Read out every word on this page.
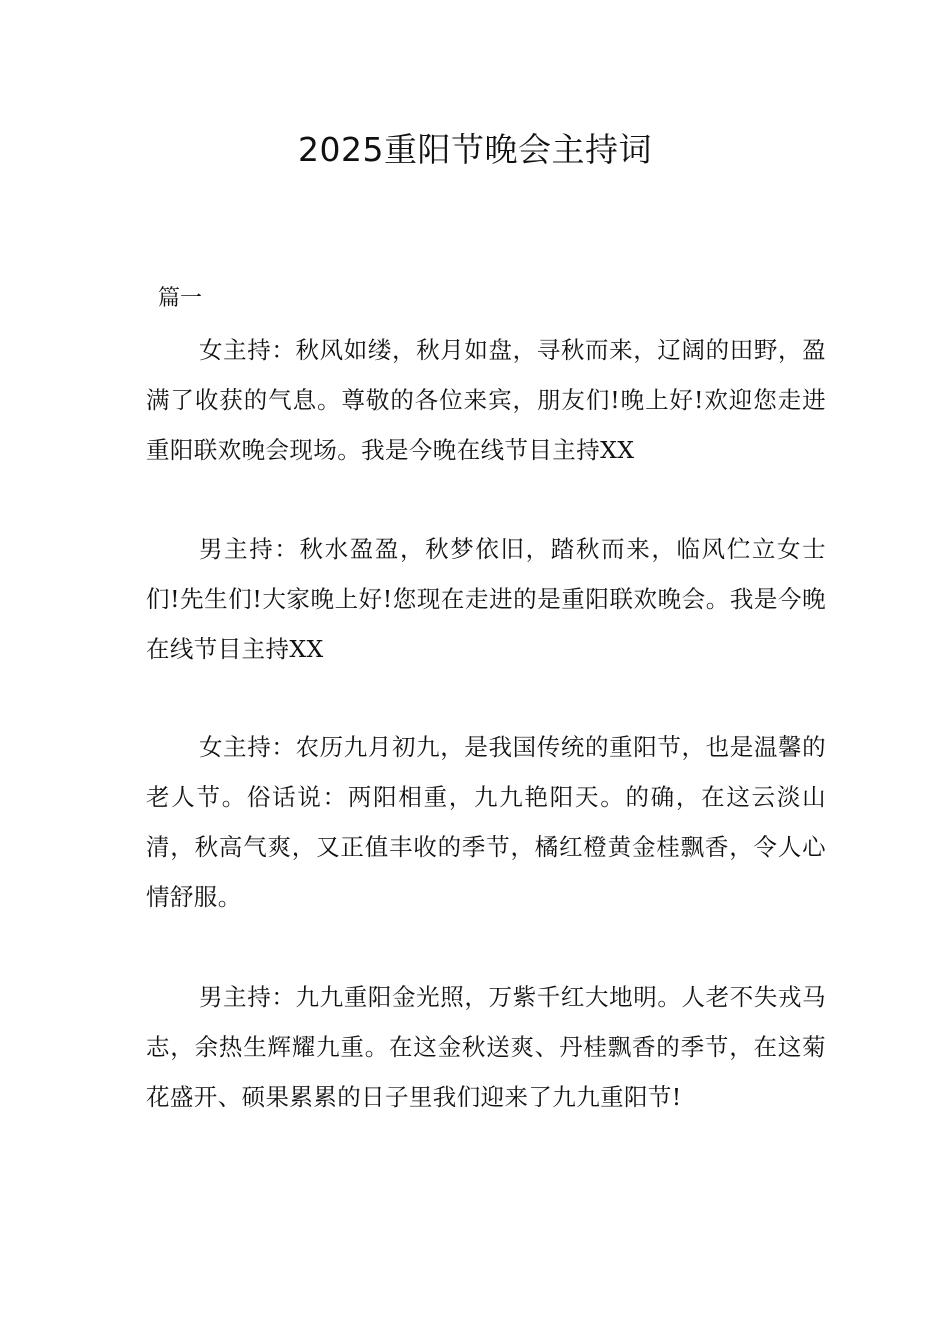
2025重阳节晚会主持词
篇一

女主持：秋风如缕，秋月如盘，寻秋而来，辽阔的田野，盈满了收获的气息。尊敬的各位来宾，朋友们!晚上好!欢迎您走进重阳联欢晚会现场。我是今晚在线节目主持XX

男主持：秋水盈盈，秋梦依旧，踏秋而来，临风伫立女士们!先生们!大家晚上好!您现在走进的是重阳联欢晚会。我是今晚在线节目主持XX

女主持：农历九月初九，是我国传统的重阳节，也是温馨的老人节。俗话说：两阳相重，九九艳阳天。的确，在这云淡山清，秋高气爽，又正值丰收的季节，橘红橙黄金桂飘香，令人心情舒服。

男主持：九九重阳金光照，万紫千红大地明。人老不失戎马志，余热生辉耀九重。在这金秋送爽、丹桂飘香的季节，在这菊花盛开、硕果累累的日子里我们迎来了九九重阳节!
